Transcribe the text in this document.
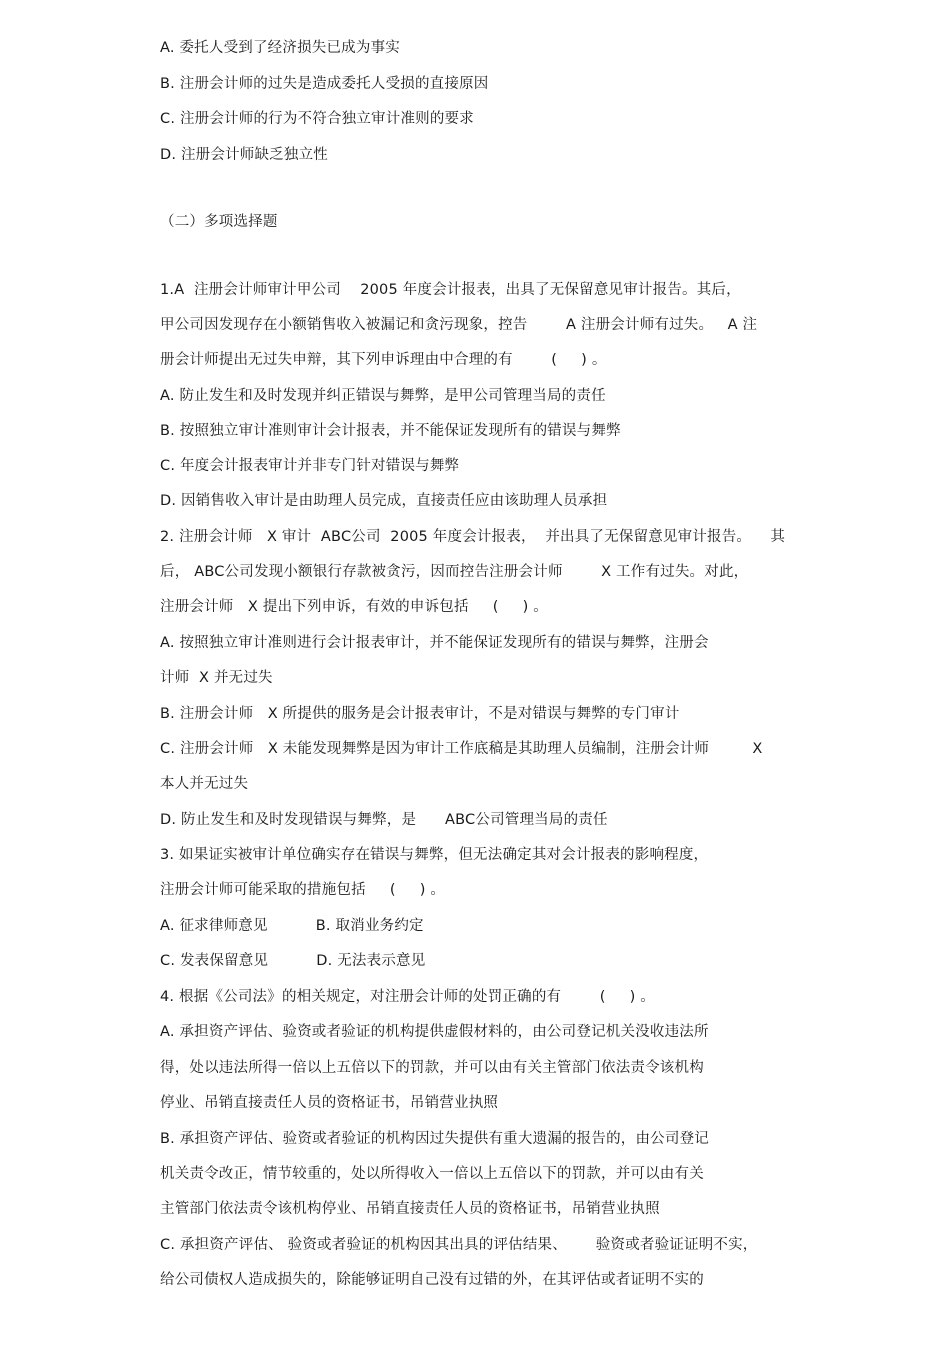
A. 委托人受到了经济损失已成为事实
B. 注册会计师的过失是造成委托人受损的直接原因
C. 注册会计师的行为不符合独立审计准则的要求
D. 注册会计师缺乏独立性
（二）多项选择题
1.A  注册会计师审计甲公司    2005 年度会计报表，出具了无保留意见审计报告。其后，
甲公司因发现存在小额销售收入被漏记和贪污现象，控告        A 注册会计师有过失。   A 注
册会计师提出无过失申辩，其下列申诉理由中合理的有        (     ) 。
A. 防止发生和及时发现并纠正错误与舞弊，是甲公司管理当局的责任
B. 按照独立审计准则审计会计报表，并不能保证发现所有的错误与舞弊
C. 年度会计报表审计并非专门针对错误与舞弊
D. 因销售收入审计是由助理人员完成，直接责任应由该助理人员承担
2. 注册会计师   X 审计  ABC公司  2005 年度会计报表，  并出具了无保留意见审计报告。    其
后， ABC公司发现小额银行存款被贪污，因而控告注册会计师        X 工作有过失。对此，
注册会计师   X 提出下列申诉，有效的申诉包括     (     ) 。
A. 按照独立审计准则进行会计报表审计，并不能保证发现所有的错误与舞弊，注册会
计师  X 并无过失
B. 注册会计师   X 所提供的服务是会计报表审计，不是对错误与舞弊的专门审计
C. 注册会计师   X 未能发现舞弊是因为审计工作底稿是其助理人员编制，注册会计师         X
本人并无过失
D. 防止发生和及时发现错误与舞弊，是      ABC公司管理当局的责任
3. 如果证实被审计单位确实存在错误与舞弊，但无法确定其对会计报表的影响程度，
注册会计师可能采取的措施包括     (     ) 。
A. 征求律师意见          B. 取消业务约定
C. 发表保留意见          D. 无法表示意见
4. 根据《公司法》的相关规定，对注册会计师的处罚正确的有        (     ) 。
A. 承担资产评估、验资或者验证的机构提供虚假材料的，由公司登记机关没收违法所
得，处以违法所得一倍以上五倍以下的罚款，并可以由有关主管部门依法责令该机构
停业、吊销直接责任人员的资格证书，吊销营业执照
B. 承担资产评估、验资或者验证的机构因过失提供有重大遗漏的报告的，由公司登记
机关责令改正，情节较重的，处以所得收入一倍以上五倍以下的罚款，并可以由有关
主管部门依法责令该机构停业、吊销直接责任人员的资格证书，吊销营业执照
C. 承担资产评估、 验资或者验证的机构因其出具的评估结果、      验资或者验证证明不实，
给公司债权人造成损失的，除能够证明自己没有过错的外，在其评估或者证明不实的
